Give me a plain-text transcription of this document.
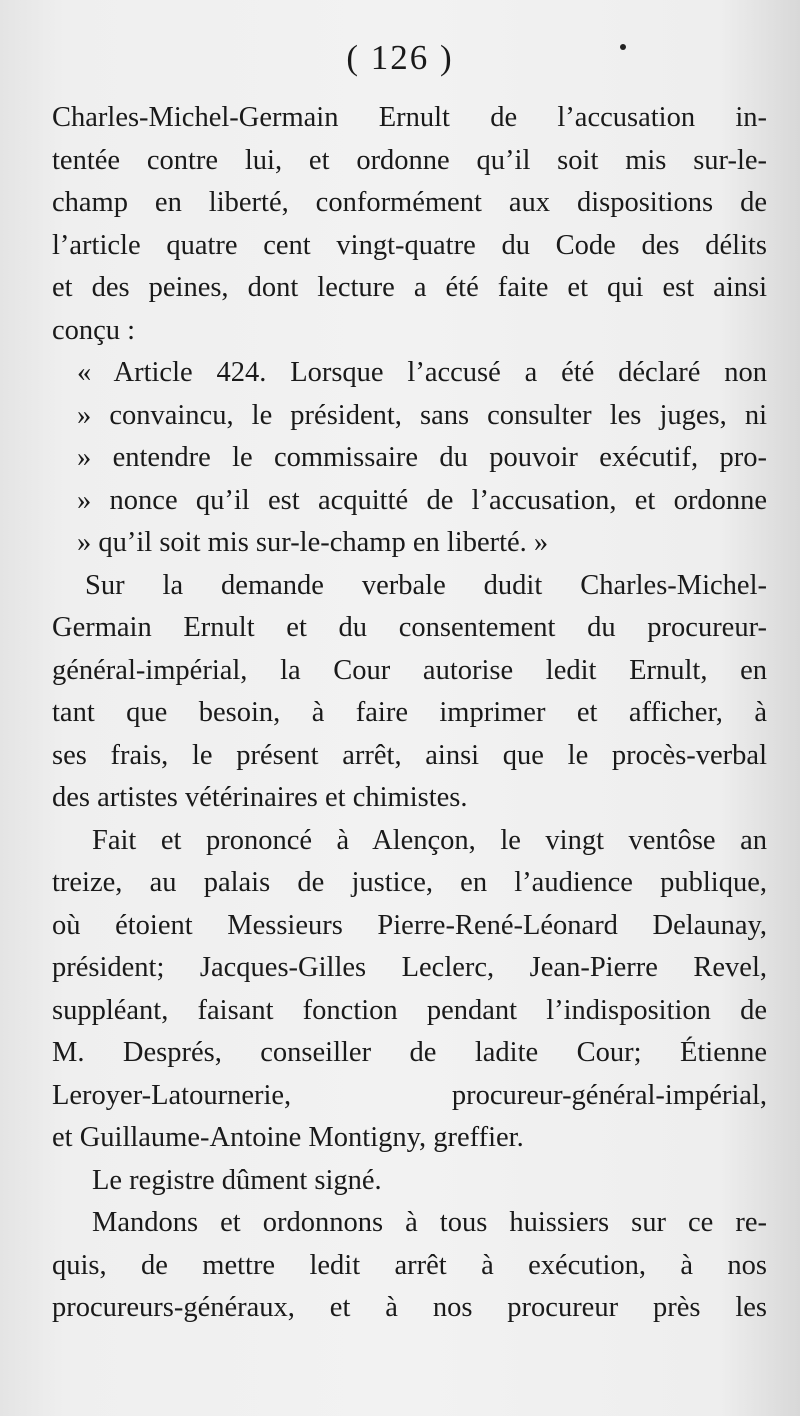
( 126 )
Charles-Michel-Germain Ernult de l’accusation in-
tentée contre lui, et ordonne qu’il soit mis sur-le-
champ en liberté, conformément aux dispositions de
l’article quatre cent vingt-quatre du Code des délits
et des peines, dont lecture a été faite et qui est ainsi
conçu :
« Article 424. Lorsque l’accusé a été déclaré non
» convaincu, le président, sans consulter les juges, ni
» entendre le commissaire du pouvoir exécutif, pro-
» nonce qu’il est acquitté de l’accusation, et ordonne
» qu’il soit mis sur-le-champ en liberté. »
Sur la demande verbale dudit Charles-Michel-
Germain Ernult et du consentement du procureur-
général-impérial, la Cour autorise ledit Ernult, en
tant que besoin, à faire imprimer et afficher, à
ses frais, le présent arrêt, ainsi que le procès-verbal
des artistes vétérinaires et chimistes.
Fait et prononcé à Alençon, le vingt ventôse an
treize, au palais de justice, en l’audience publique,
où étoient Messieurs Pierre-René-Léonard Delaunay,
président; Jacques-Gilles Leclerc, Jean-Pierre Revel,
suppléant, faisant fonction pendant l’indisposition de
M. Després, conseiller de ladite Cour; Étienne
Leroyer-Latournerie, procureur-général-impérial,
et Guillaume-Antoine Montigny, greffier.
Le registre dûment signé.
Mandons et ordonnons à tous huissiers sur ce re-
quis, de mettre ledit arrêt à exécution, à nos
procureurs-généraux, et à nos procureur près les
